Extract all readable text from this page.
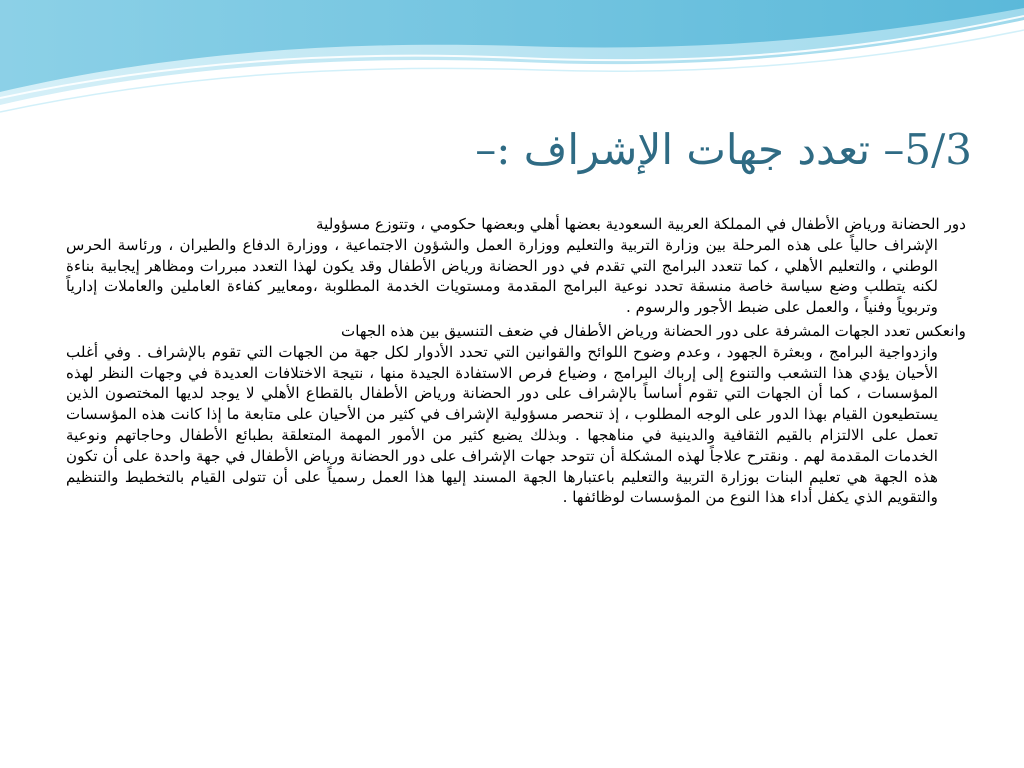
5/3– تعدد جهات الإشراف :–

دور الحضانة ورياض الأطفال في المملكة العربية السعودية بعضها أهلي وبعضها حكومي ، وتتوزع مسؤولية
الإشراف حالياً على هذه المرحلة بين وزارة التربية والتعليم ووزارة العمل والشؤون الاجتماعية ، ووزارة الدفاع والطيران ، ورئاسة الحرس الوطني ، والتعليم الأهلي ، كما تتعدد البرامج التي تقدم في دور الحضانة ورياض الأطفال وقد يكون لهذا التعدد مبررات ومظاهر إيجابية بناءة لكنه يتطلب وضع سياسة خاصة منسقة تحدد نوعية البرامج المقدمة ومستويات الخدمة المطلوبة ،ومعايير كفاءة العاملين والعاملات إدارياً وتربوياً وفنياً ، والعمل على ضبط الأجور والرسوم .

وانعكس تعدد الجهات المشرفة على دور الحضانة ورياض الأطفال في ضعف التنسيق بين هذه الجهات
وازدواجية البرامج ، وبعثرة الجهود ، وعدم وضوح اللوائح والقوانين التي تحدد الأدوار لكل جهة من الجهات التي تقوم بالإشراف . وفي أغلب الأحيان يؤدي هذا التشعب والتنوع إلى إرباك البرامج ، وضياع فرص الاستفادة الجيدة منها ، نتيجة الاختلافات العديدة في وجهات النظر لهذه المؤسسات ، كما أن الجهات التي تقوم أساساً بالإشراف على دور الحضانة ورياض الأطفال بالقطاع الأهلي لا يوجد لديها المختصون الذين يستطيعون القيام بهذا الدور على الوجه المطلوب ، إذ تنحصر مسؤولية الإشراف في كثير من الأحيان على متابعة ما إذا كانت هذه المؤسسات تعمل على الالتزام بالقيم الثقافية والدينية في مناهجها . وبذلك يضيع كثير من الأمور المهمة المتعلقة بطبائع الأطفال وحاجاتهم ونوعية الخدمات المقدمة لهم . ونقترح علاجاً لهذه المشكلة أن تتوحد جهات الإشراف على دور الحضانة ورياض الأطفال في جهة واحدة على أن تكون هذه الجهة هي تعليم البنات بوزارة التربية والتعليم باعتبارها الجهة المسند إليها هذا العمل رسمياً على أن تتولى القيام بالتخطيط والتنظيم والتقويم الذي يكفل أداء هذا النوع من المؤسسات لوظائفها .
